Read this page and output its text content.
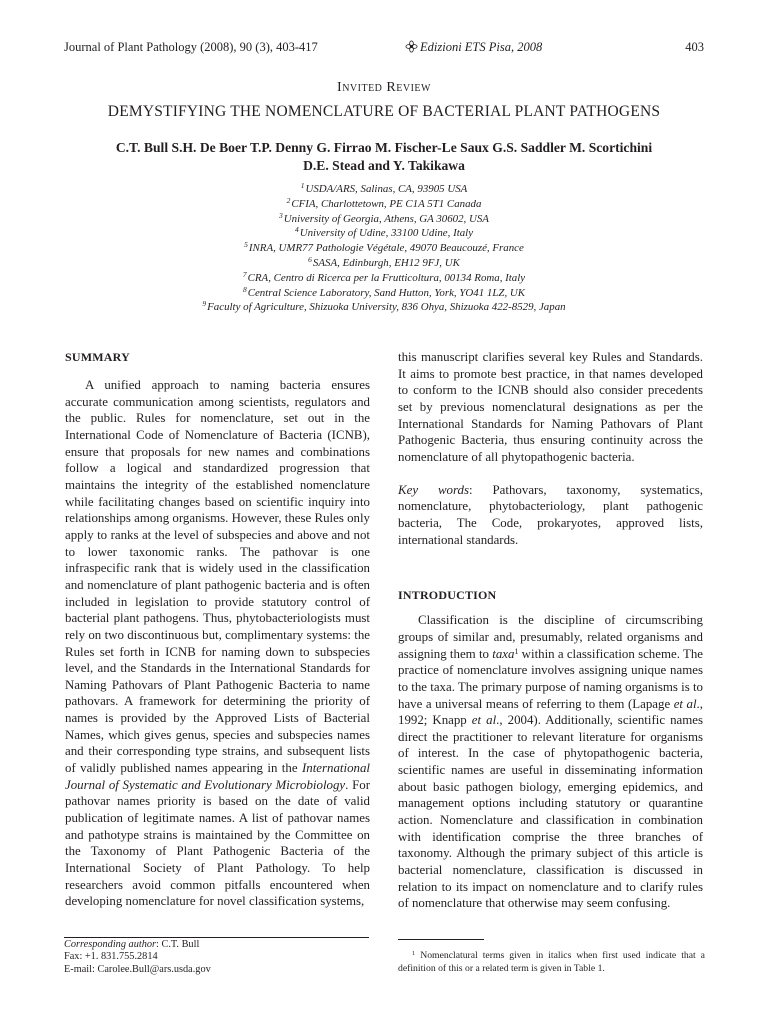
Journal of Plant Pathology (2008), 90 (3), 403-417	Edizioni ETS Pisa, 2008	403
Invited Review
DEMYSTIFYING THE NOMENCLATURE OF BACTERIAL PLANT PATHOGENS
C.T. Bull S.H. De Boer T.P. Denny G. Firrao M. Fischer-Le Saux G.S. Saddler M. Scortichini
D.E. Stead and Y. Takikawa
$^1$USDA/ARS, Salinas, CA, 93905 USA
$^2$CFIA, Charlottetown, PE C1A 5T1 Canada
$^3$University of Georgia, Athens, GA 30602, USA
$^4$University of Udine, 33100 Udine, Italy
$^5$INRA, UMR77 Pathologie Végétale, 49070 Beaucouzé, France
$^6$SASA, Edinburgh, EH12 9FJ, UK
$^7$CRA, Centro di Ricerca per la Frutticoltura, 00134 Roma, Italy
$^8$Central Science Laboratory, Sand Hutton, York, YO41 1LZ, UK
$^9$Faculty of Agriculture, Shizuoka University, 836 Ohya, Shizuoka 422-8529, Japan
SUMMARY

A unified approach to naming bacteria ensures accurate communication among scientists, regulators and the public. Rules for nomenclature, set out in the International Code of Nomenclature of Bacteria (ICNB), ensure that proposals for new names and combinations follow a logical and standardized progression that maintains the integrity of the established nomenclature while facilitating changes based on scientific inquiry into relationships among organisms. However, these Rules only apply to ranks at the level of subspecies and above and not to lower taxonomic ranks. The pathovar is one infraspecific rank that is widely used in the classification and nomenclature of plant pathogenic bacteria and is often included in legislation to provide statutory control of bacterial plant pathogens. Thus, phytobacteriologists must rely on two discontinuous but, complimentary systems: the Rules set forth in ICNB for naming down to subspecies level, and the Standards in the International Standards for Naming Pathovars of Plant Pathogenic Bacteria to name pathovars. A framework for determining the priority of names is provided by the Approved Lists of Bacterial Names, which gives genus, species and subspecies names and their corresponding type strains, and subsequent lists of validly published names appearing in the International Journal of Systematic and Evolutionary Microbiology. For pathovar names priority is based on the date of valid publication of legitimate names. A list of pathovar names and pathotype strains is maintained by the Committee on the Taxonomy of Plant Pathogenic Bacteria of the International Society of Plant Pathology. To help researchers avoid common pitfalls encountered when developing nomenclature for novel classification systems,

this manuscript clarifies several key Rules and Standards. It aims to promote best practice, in that names developed to conform to the ICNB should also consider precedents set by previous nomenclatural designations as per the International Standards for Naming Pathovars of Plant Pathogenic Bacteria, thus ensuring continuity across the nomenclature of all phytopathogenic bacteria.

Key words: Pathovars, taxonomy, systematics, nomenclature, phytobacteriology, plant pathogenic bacteria, The Code, prokaryotes, approved lists, international standards.

INTRODUCTION

Classification is the discipline of circumscribing groups of similar and, presumably, related organisms and assigning them to taxa$^1$ within a classification scheme. The practice of nomenclature involves assigning unique names to the taxa. The primary purpose of naming organisms is to have a universal means of referring to them (Lapage et al., 1992; Knapp et al., 2004). Additionally, scientific names direct the practitioner to relevant literature for organisms of interest. In the case of phytopathogenic bacteria, scientific names are useful in disseminating information about basic pathogen biology, emerging epidemics, and management options including statutory or quarantine action. Nomenclature and classification in combination with identification comprise the three branches of taxonomy. Although the primary subject of this article is bacterial nomenclature, classification is discussed in relation to its impact on nomenclature and to clarify rules of nomenclature that otherwise may seem confusing.

Corresponding author: C.T. Bull
Fax: +1. 831.755.2814
E-mail: Carolee.Bull@ars.usda.gov
$^1$ Nomenclatural terms given in italics when first used indicate that a definition of this or a related term is given in Table 1.
